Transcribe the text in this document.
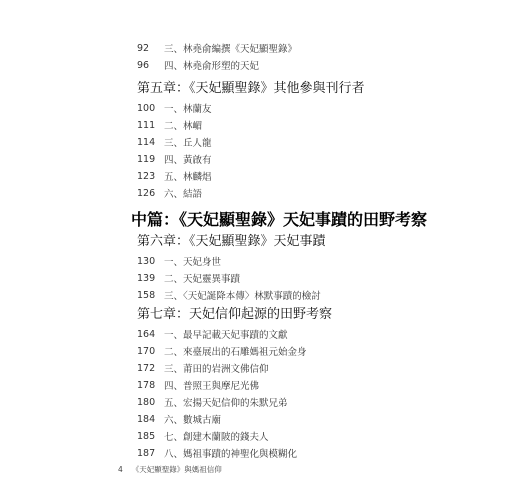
92	三、林堯俞編撰《天妃顯聖錄》
96	四、林堯俞形塑的天妃
第五章：《天妃顯聖錄》其他參與刊行者
100 一、林蘭友
111 二、林嵋
114 三、丘人龍
119 四、黃啟有
123 五、林麟焻
126 六、結語
中篇：《天妃顯聖錄》天妃事蹟的田野考察
第六章：《天妃顯聖錄》天妃事蹟
130 一、天妃身世
139 二、天妃靈異事蹟
158 三、〈天妃誕降本傳〉林默事蹟的檢討
第七章：天妃信仰起源的田野考察
164 一、最早記載天妃事蹟的文獻
170 二、來臺展出的石雕媽祖元始金身
172 三、莆田的岩洲文佛信仰
178 四、普照王與摩尼光佛
180 五、宏揚天妃信仰的朱默兄弟
184 六、數城古廟
185 七、創建木蘭陂的錢夫人
187 八、媽祖事蹟的神聖化與模糊化
4 《天妃顯聖錄》與媽祖信仰
